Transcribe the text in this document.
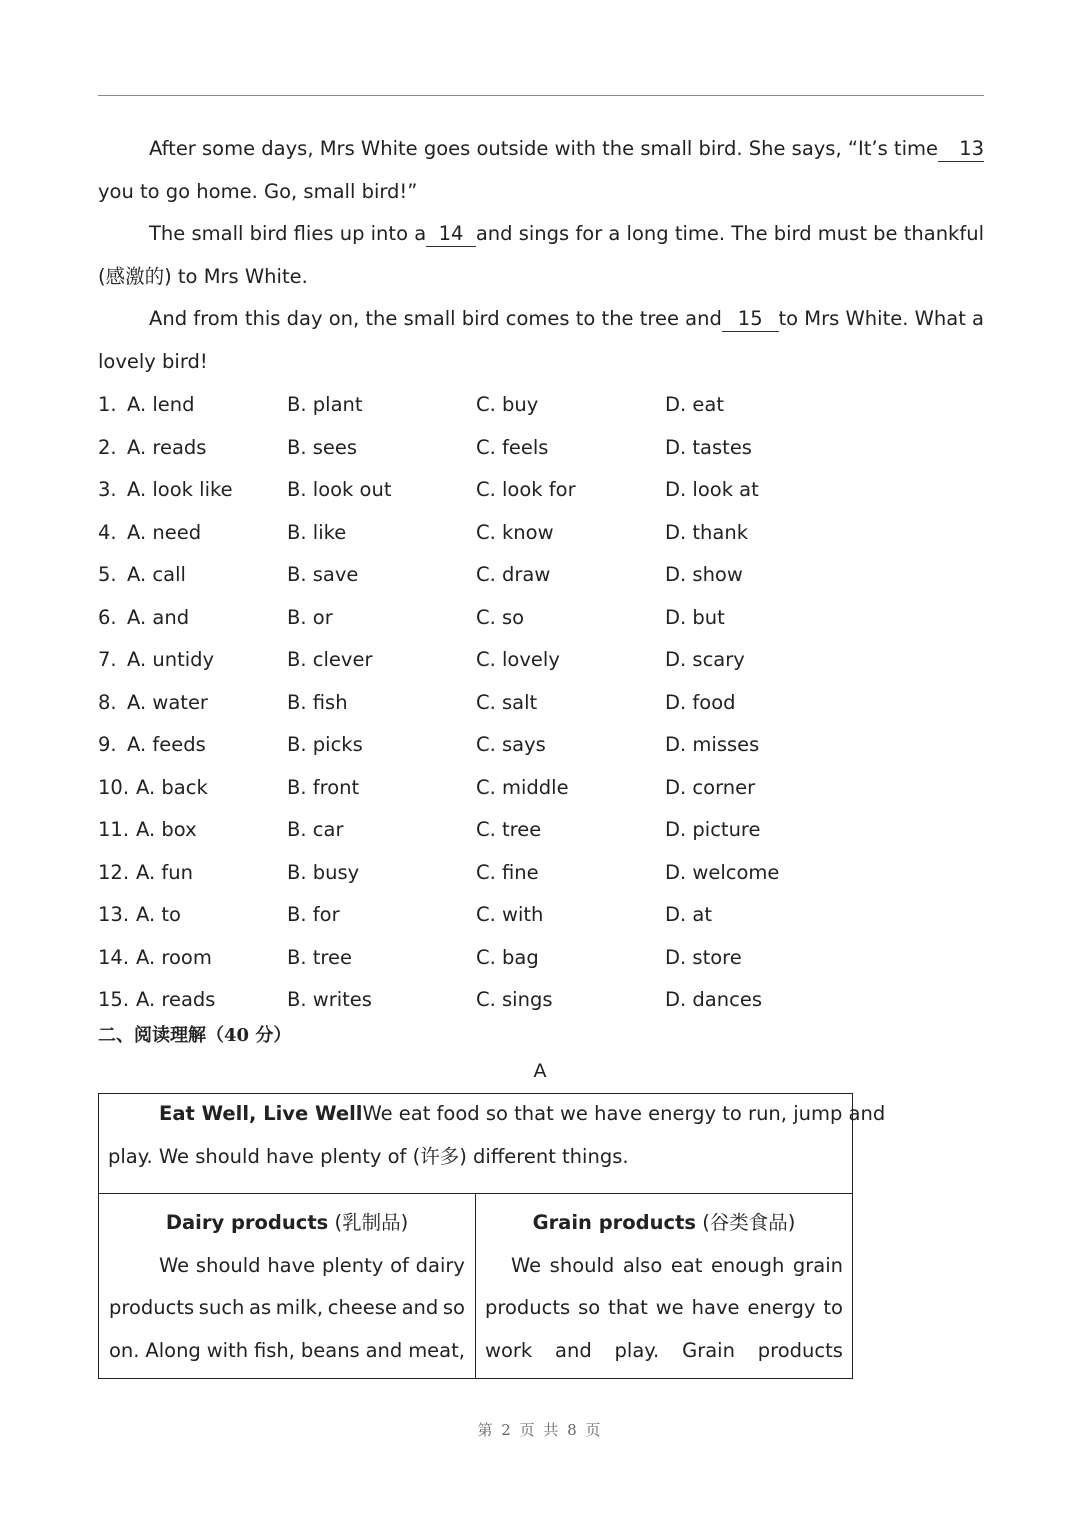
After some days, Mrs White goes outside with the small bird. She says, “It’s time	13
you to go home. Go, small bird!”
The small bird flies up into a 14 and sings for a long time. The bird must be thankful
(感激的) to Mrs White.
And from this day on, the small bird comes to the tree and 15 to Mrs White. What a
lovely bird!
1. A. lend	B. plant	C. buy	D. eat
2. A. reads	B. sees	C. feels	D. tastes
3. A. look like	B. look out	C. look for	D. look at
4. A. need	B. like	C. know	D. thank
5. A. call	B. save	C. draw	D. show
6. A. and	B. or	C. so	D. but
7. A. untidy	B. clever	C. lovely	D. scary
8. A. water	B. fish	C. salt	D. food
9. A. feeds	B. picks	C. says	D. misses
10. A. back	B. front	C. middle	D. corner
11. A. box	B. car	C. tree	D. picture
12. A. fun	B. busy	C. fine	D. welcome
13. A. to	B. for	C. with	D. at
14. A. room	B. tree	C. bag	D. store
15. A. reads	B. writes	C. sings	D. dances
二、阅读理解（40 分）
A
Eat Well, Live WellWe eat food so that we have energy to run, jump and
play. We should have plenty of (许多) different things.
Dairy products (乳制品)
We should have plenty of dairy
products such as milk, cheese and so
on. Along with fish, beans and meat,
Grain products (谷类食品)
We should also eat enough grain
products so that we have energy to
work and play. Grain products
第 2 页 共 8 页
